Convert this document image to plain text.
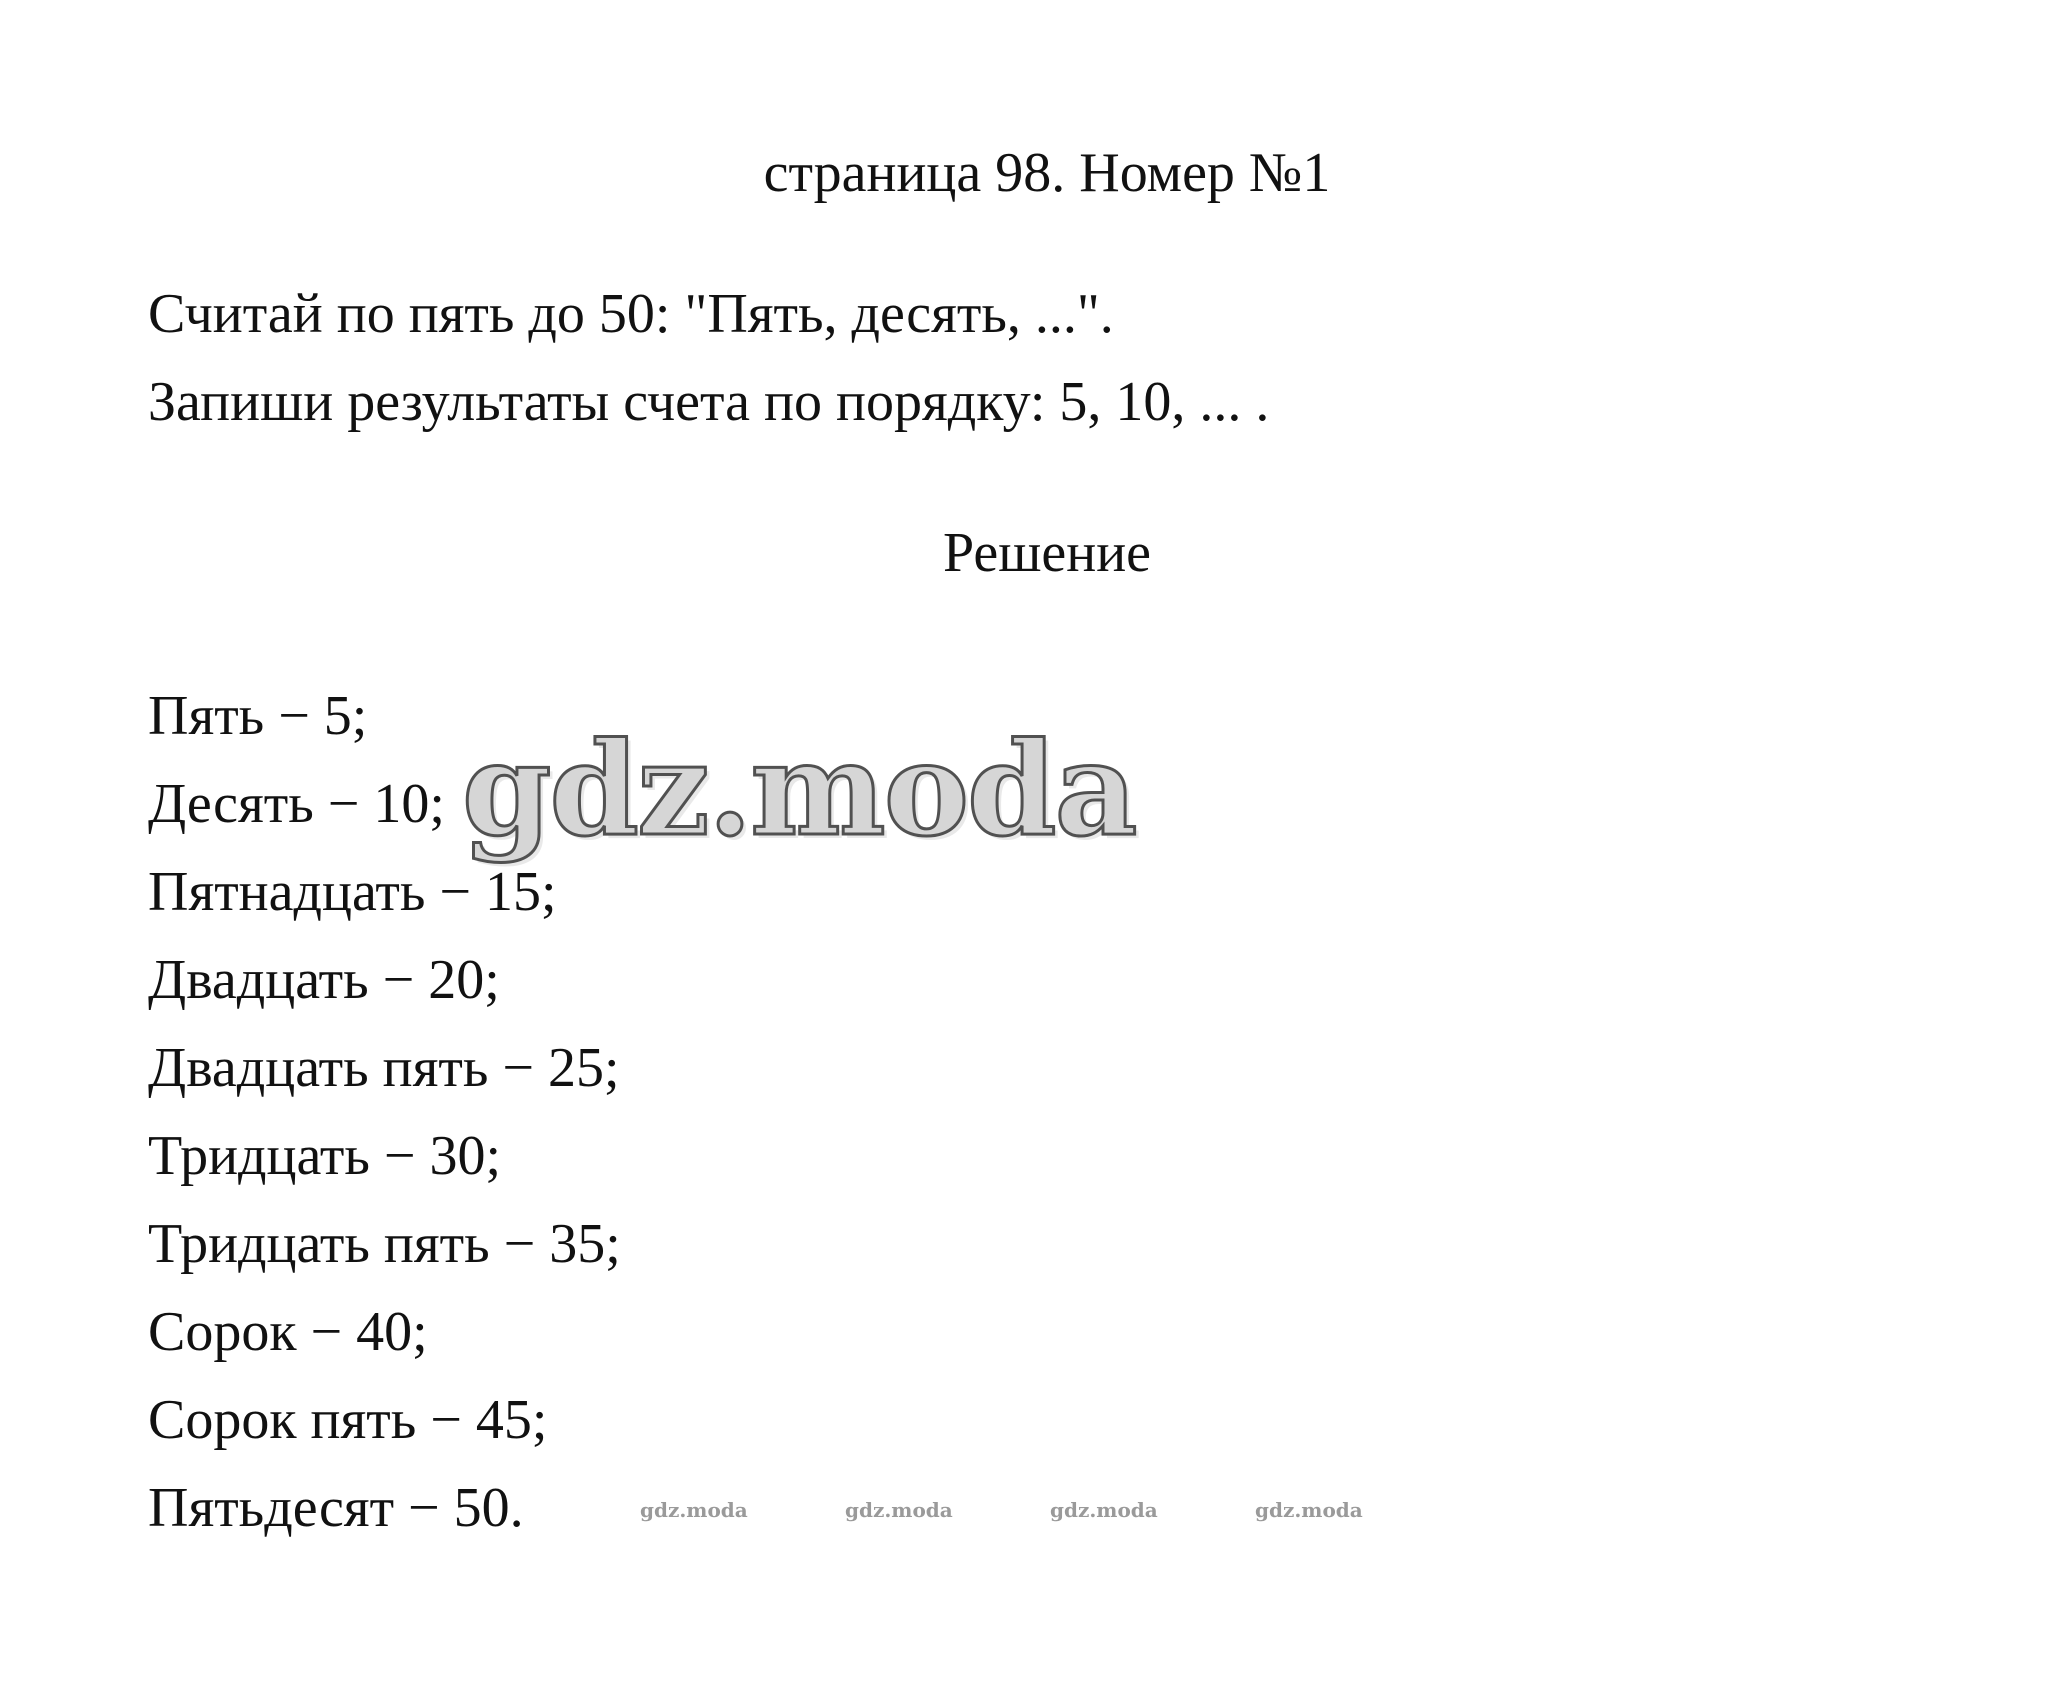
страница 98. Номер №1

Считай по пять до 50: "Пять, десять, ...".

Запиши результаты счета по порядку: 5, 10, ... .

Решение
Пять − 5;
Десять − 10;
Пятнадцать − 15;
Двадцать − 20;
Двадцать пять − 25;
Тридцать − 30;
Тридцать пять − 35;
Сорок − 40;
Сорок пять − 45;
Пятьдесят − 50.
gdz.moda
gdz.moda	gdz.moda	gdz.moda	gdz.moda
